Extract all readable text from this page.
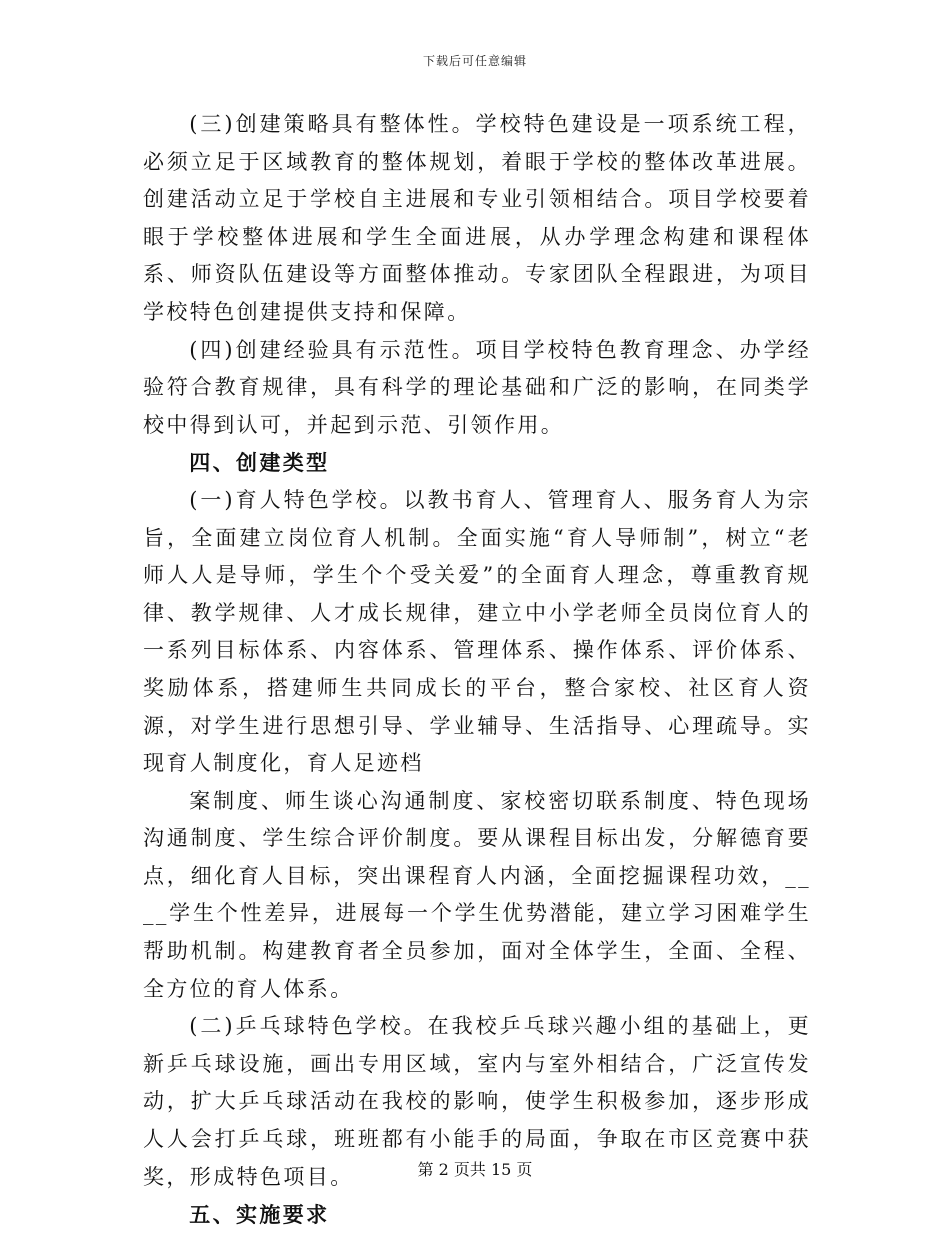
下载后可任意编辑

(三)创建策略具有整体性。学校特色建设是一项系统工程，必须立足于区域教育的整体规划，着眼于学校的整体改革进展。创建活动立足于学校自主进展和专业引领相结合。项目学校要着眼于学校整体进展和学生全面进展，从办学理念构建和课程体系、师资队伍建设等方面整体推动。专家团队全程跟进，为项目学校特色创建提供支持和保障。

(四)创建经验具有示范性。项目学校特色教育理念、办学经验符合教育规律，具有科学的理论基础和广泛的影响，在同类学校中得到认可，并起到示范、引领作用。

四、创建类型

(一)育人特色学校。以教书育人、管理育人、服务育人为宗旨，全面建立岗位育人机制。全面实施“育人导师制”，树立“老师人人是导师，学生个个受关爱”的全面育人理念，尊重教育规律、教学规律、人才成长规律，建立中小学老师全员岗位育人的一系列目标体系、内容体系、管理体系、操作体系、评价体系、奖励体系，搭建师生共同成长的平台，整合家校、社区育人资源，对学生进行思想引导、学业辅导、生活指导、心理疏导。实现育人制度化，育人足迹档

案制度、师生谈心沟通制度、家校密切联系制度、特色现场沟通制度、学生综合评价制度。要从课程目标出发，分解德育要点，细化育人目标，突出课程育人内涵，全面挖掘课程功效，____学生个性差异，进展每一个学生优势潜能，建立学习困难学生帮助机制。构建教育者全员参加，面对全体学生，全面、全程、全方位的育人体系。

(二)乒乓球特色学校。在我校乒乓球兴趣小组的基础上，更新乒乓球设施，画出专用区域，室内与室外相结合，广泛宣传发动，扩大乒乓球活动在我校的影响，使学生积极参加，逐步形成人人会打乒乓球，班班都有小能手的局面，争取在市区竞赛中获奖，形成特色项目。

五、实施要求

第 2 页共 15 页
